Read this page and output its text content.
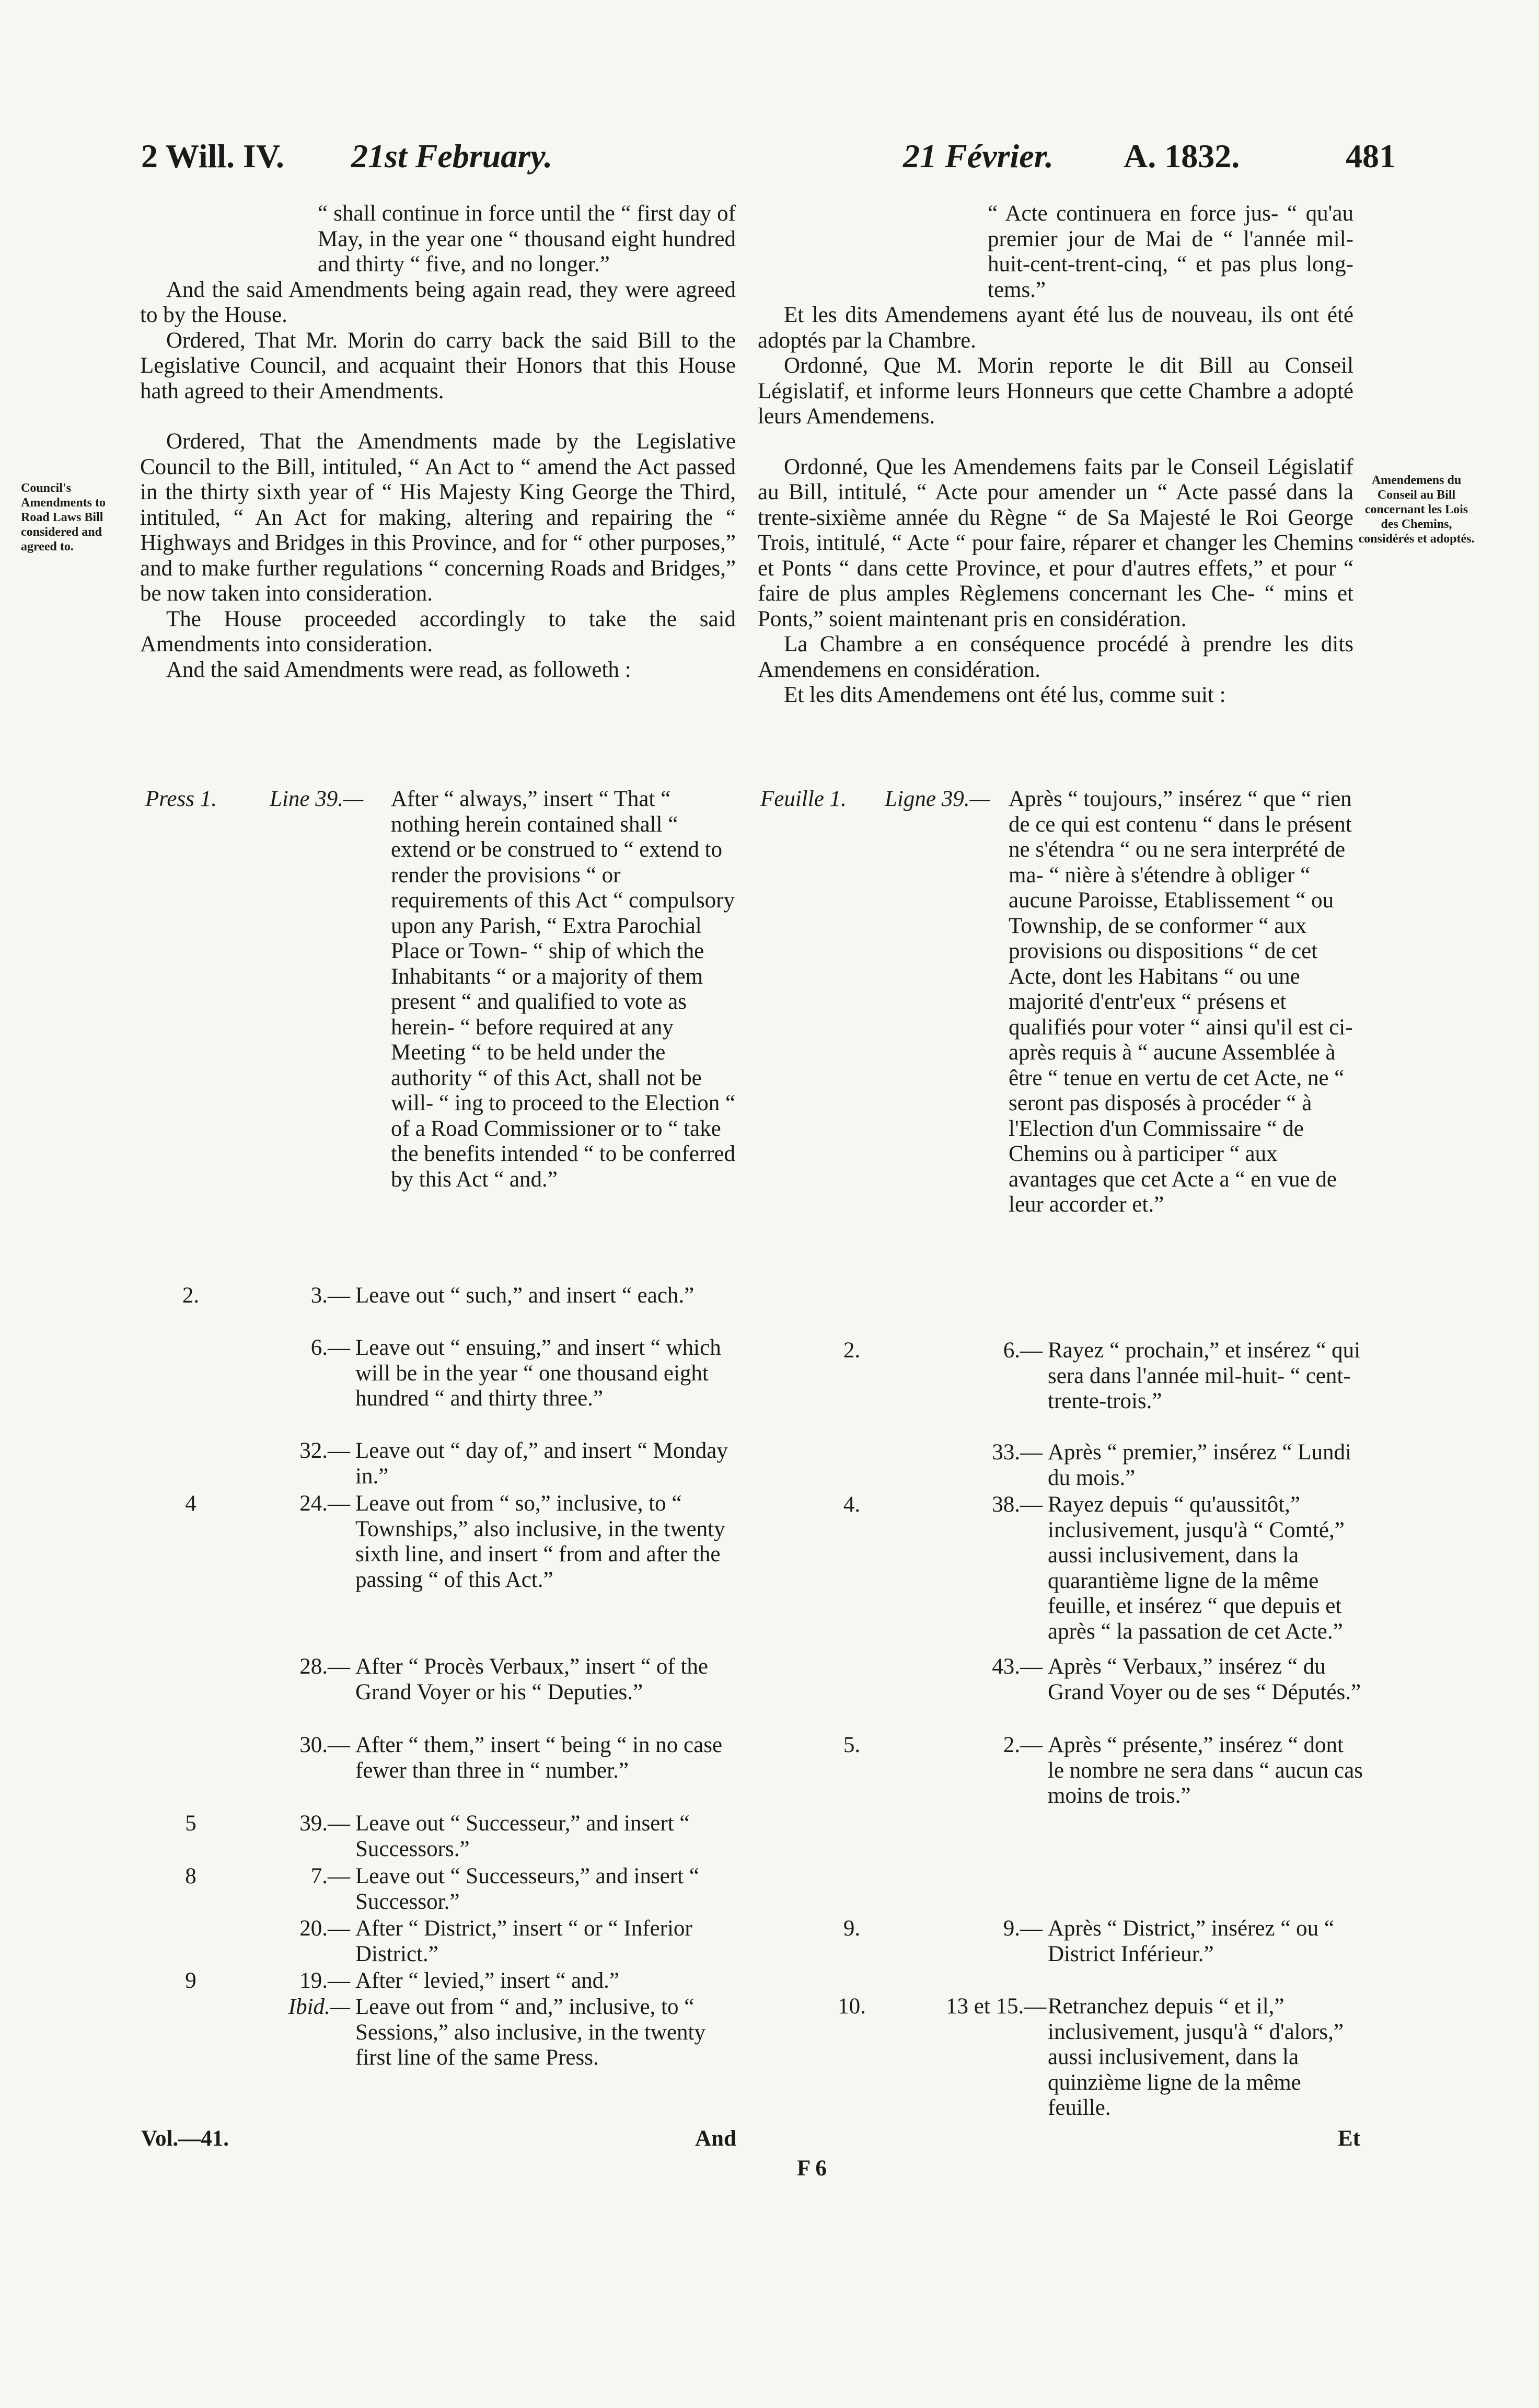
2 Will. IV. 21st February.	21 Février. A. 1832.	481
Council's Amendments to Road Laws Bill considered and agreed to.
Amendemens du Conseil au Bill concernant les Lois des Chemins, considérés et adoptés.

“ shall continue in force until the “ first day of May, in the year one “ thousand eight hundred and thirty “ five, and no longer.”

And the said Amendments being again read, they were agreed to by the House.

Ordered, That Mr. Morin do carry back the said Bill to the Legislative Council, and acquaint their Honors that this House hath agreed to their Amendments.

Ordered, That the Amendments made by the Legislative Council to the Bill, intituled, “ An Act to “ amend the Act passed in the thirty sixth year of “ His Majesty King George the Third, intituled, “ An Act for making, altering and repairing the “ Highways and Bridges in this Province, and for “ other purposes,” and to make further regulations “ concerning Roads and Bridges,” be now taken into consideration.

The House proceeded accordingly to take the said Amendments into consideration.

And the said Amendments were read, as followeth :

Press 1. Line 39.— After “ always,” insert “ That “ nothing herein contained shall “ extend or be construed to “ extend to render the provisions “ or requirements of this Act “ compulsory upon any Parish, “ Extra Parochial Place or Town- “ ship of which the Inhabitants “ or a majority of them present “ and qualified to vote as herein- “ before required at any Meeting “ to be held under the authority “ of this Act, shall not be will- “ ing to proceed to the Election “ of a Road Commissioner or to “ take the benefits intended “ to be conferred by this Act “ and.”
2.	3.— Leave out “ such,” and insert “ each.”
6.— Leave out “ ensuing,” and insert “ which will be in the year “ one thousand eight hundred “ and thirty three.”
32.— Leave out “ day of,” and insert “ Monday in.”
4	24.— Leave out from “ so,” inclusive, to “ Townships,” also inclusive, in the twenty sixth line, and insert “ from and after the passing “ of this Act.”
28.— After “ Procès Verbaux,” insert “ of the Grand Voyer or his “ Deputies.”
30.— After “ them,” insert “ being “ in no case fewer than three in “ number.”
5	39.— Leave out “ Successeur,” and insert “ Successors.”
8	7.— Leave out “ Successeurs,” and insert “ Successor.”
20.— After “ District,” insert “ or “ Inferior District.”
9	19.— After “ levied,” insert “ and.”
Ibid.— Leave out from “ and,” inclusive, to “ Sessions,” also inclusive, in the twenty first line of the same Press.
Vol.—41.	And

“ Acte continuera en force jus- “ qu'au premier jour de Mai de “ l'année mil-huit-cent-trent-cinq, “ et pas plus long-tems.”

Et les dits Amendemens ayant été lus de nouveau, ils ont été adoptés par la Chambre.

Ordonné, Que M. Morin reporte le dit Bill au Conseil Législatif, et informe leurs Honneurs que cette Chambre a adopté leurs Amendemens.

Ordonné, Que les Amendemens faits par le Conseil Législatif au Bill, intitulé, “ Acte pour amender un “ Acte passé dans la trente-sixième année du Règne “ de Sa Majesté le Roi George Trois, intitulé, “ Acte “ pour faire, réparer et changer les Chemins et Ponts “ dans cette Province, et pour d'autres effets,” et pour “ faire de plus amples Règlemens concernant les Che- “ mins et Ponts,” soient maintenant pris en considération.

La Chambre a en conséquence procédé à prendre les dits Amendemens en considération.

Et les dits Amendemens ont été lus, comme suit :

Feuille 1. Ligne 39.— Après “ toujours,” insérez “ que “ rien de ce qui est contenu “ dans le présent ne s'étendra “ ou ne sera interprété de ma- “ nière à s'étendre à obliger “ aucune Paroisse, Etablissement “ ou Township, de se conformer “ aux provisions ou dispositions “ de cet Acte, dont les Habitans “ ou une majorité d'entr'eux “ présens et qualifiés pour voter “ ainsi qu'il est ci-après requis à “ aucune Assemblée à être “ tenue en vertu de cet Acte, ne “ seront pas disposés à procéder “ à l'Election d'un Commissaire “ de Chemins ou à participer “ aux avantages que cet Acte a “ en vue de leur accorder et.”
2.	6.— Rayez “ prochain,” et insérez “ qui sera dans l'année mil-huit- “ cent-trente-trois.”
33.— Après “ premier,” insérez “ Lundi du mois.”
4.	38.— Rayez depuis “ qu'aussitôt,” inclusivement, jusqu'à “ Comté,” aussi inclusivement, dans la quarantième ligne de la même feuille, et insérez “ que depuis et après “ la passation de cet Acte.”
43.— Après “ Verbaux,” insérez “ du Grand Voyer ou de ses “ Députés.”
5.	2.— Après “ présente,” insérez “ dont le nombre ne sera dans “ aucun cas moins de trois.”
9.	9.— Après “ District,” insérez “ ou “ District Inférieur.”
10.	13 et 15.— Retranchez depuis “ et il,” inclusivement, jusqu'à “ d'alors,” aussi inclusivement, dans la quinzième ligne de la même feuille.
Et
F 6
